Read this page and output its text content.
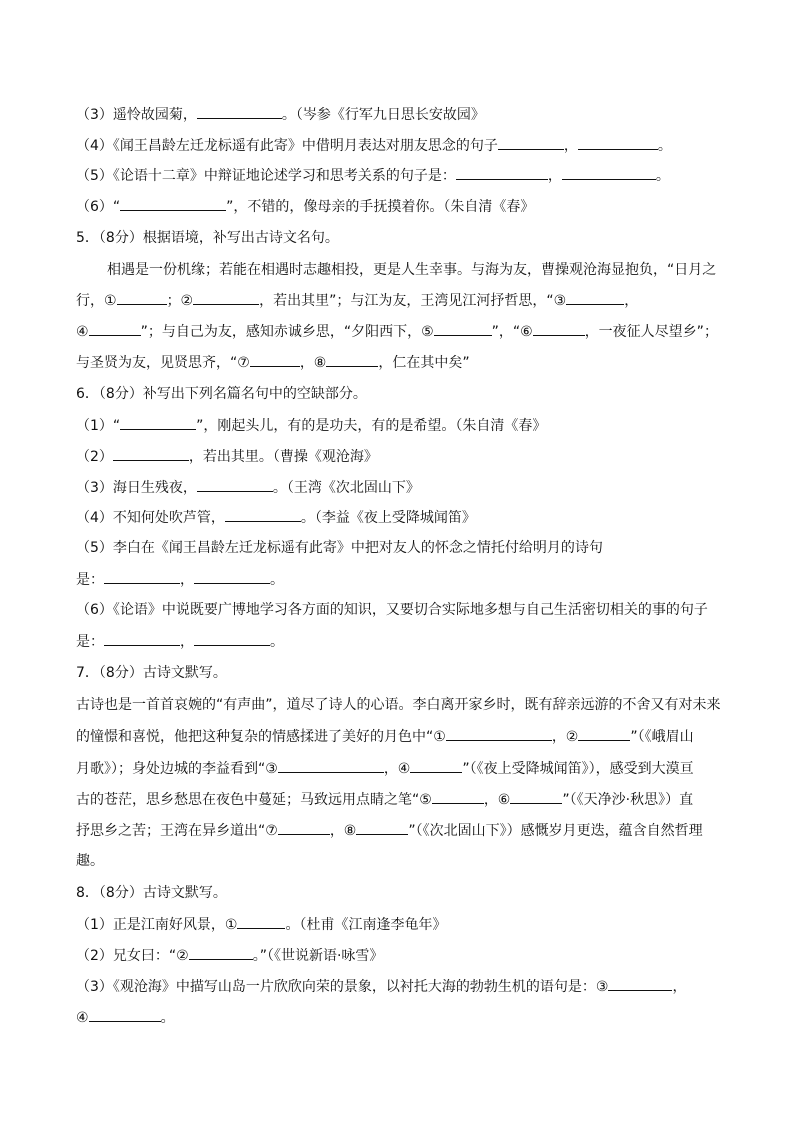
（3）遥怜故园菊，	。（岑参《行军九日思长安故园》
（4）《闻王昌龄左迁龙标遥有此寄》中借明月表达对朋友思念的句子	，	。
（5）《论语十二章》中辩证地论述学习和思考关系的句子是：	，	。
（6）“	”，不错的，像母亲的手抚摸着你。（朱自清《春》
5．（8分）根据语境，补写出古诗文名句。
相遇是一份机缘；若能在相遇时志趣相投，更是人生幸事。与海为友，曹操观沧海显抱负，“日月之
行，①	；②	，若出其里”；与江为友，王湾见江河抒哲思，“③	，
④	”；与自己为友，感知赤诚乡思，“夕阳西下，⑤	”，“⑥	，一夜征人尽望乡”；
与圣贤为友，见贤思齐，“⑦	，⑧	，仁在其中矣”
6．（8分）补写出下列名篇名句中的空缺部分。
（1）“	”，刚起头儿，有的是功夫，有的是希望。（朱自清《春》
（2）	，若出其里。（曹操《观沧海》
（3）海日生残夜，	。（王湾《次北固山下》
（4）不知何处吹芦管，	。（李益《夜上受降城闻笛》
（5）李白在《闻王昌龄左迁龙标遥有此寄》中把对友人的怀念之情托付给明月的诗句
是：	，	。
（6）《论语》中说既要广博地学习各方面的知识，又要切合实际地多想与自己生活密切相关的事的句子
是：	，	。
7．（8分）古诗文默写。
古诗也是一首首哀婉的“有声曲”，道尽了诗人的心语。李白离开家乡时，既有辞亲远游的不舍又有对未来
的憧憬和喜悦，他把这种复杂的情感揉进了美好的月色中“①	，②	”（《峨眉山
月歌》）；身处边城的李益看到“③	，④	”（《夜上受降城闻笛》），感受到大漠亘
古的苍茫，思乡愁思在夜色中蔓延；马致远用点睛之笔“⑤	，⑥	”（《天净沙·秋思》）直
抒思乡之苦；王湾在异乡道出“⑦	，⑧	”（《次北固山下》）感慨岁月更迭，蕴含自然哲理
趣。
8．（8分）古诗文默写。
（1）正是江南好风景，①	。（杜甫《江南逢李龟年》
（2）兄女曰：“②	。”（《世说新语·咏雪》
（3）《观沧海》中描写山岛一片欣欣向荣的景象，以衬托大海的勃勃生机的语句是：③	，
④	。
